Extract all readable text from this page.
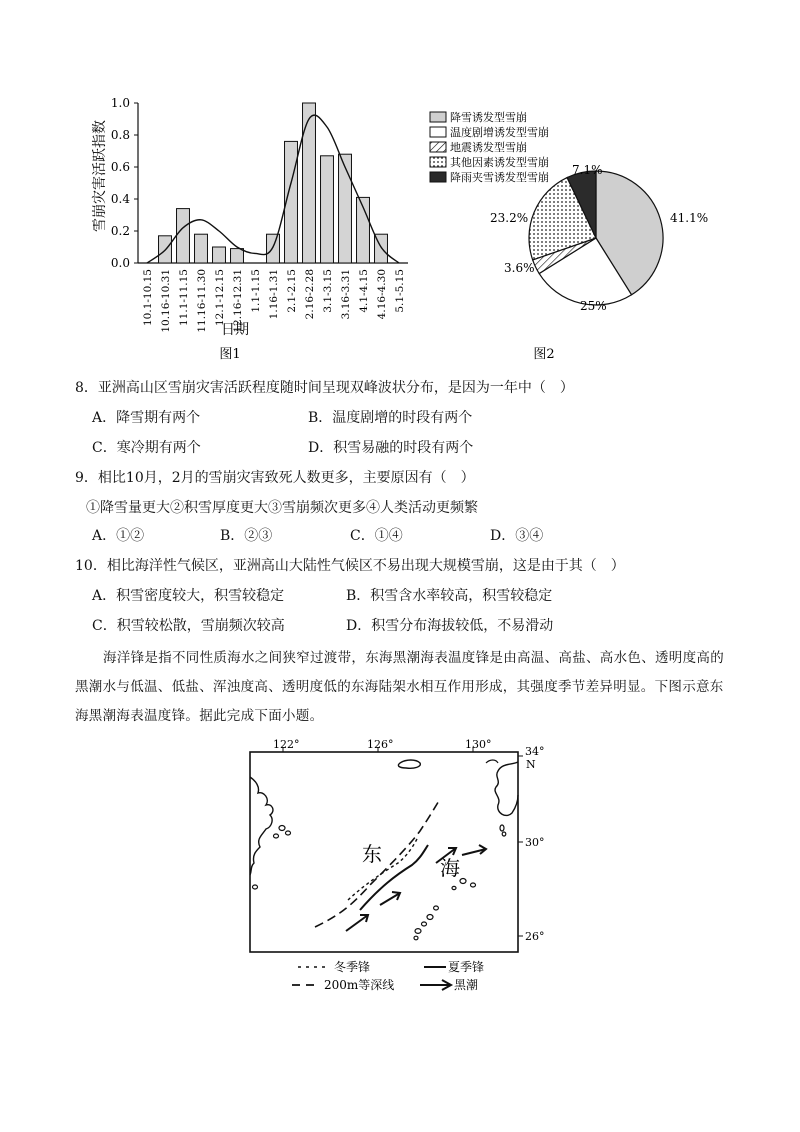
0.0
0.2
0.4
0.6
0.8
1.0
10.1-10.15 10.16-10.31 11.1-11.15 11.16-11.30 12.1-12.15 12.16-12.31 1.1-1.15 1.16-1.31 2.1-2.15 2.16-2.28 3.1-3.15 3.16-3.31 4.1-4.15 4.16-4.30 5.1-5.15
雪崩灾害活跃指数
日期
图1
降雪诱发型雪崩
温度剧增诱发型雪崩
地震诱发型雪崩
其他因素诱发型雪崩
降雨夹雪诱发型雪崩
41.1%
25%
3.6%
23.2%
7.1%
图2
8．亚洲高山区雪崩灾害活跃程度随时间呈现双峰波状分布，是因为一年中（　）
A．降雪期有两个	B．温度剧增的时段有两个
C．寒冷期有两个	D．积雪易融的时段有两个
9．相比10月，2月的雪崩灾害致死人数更多，主要原因有（　）
①降雪量更大②积雪厚度更大③雪崩频次更多④人类活动更频繁
A．①②	B．②③	C．①④	D．③④
10．相比海洋性气候区，亚洲高山大陆性气候区不易出现大规模雪崩，这是由于其（　）
A．积雪密度较大，积雪较稳定	B．积雪含水率较高，积雪较稳定
C．积雪较松散，雪崩频次较高	D．积雪分布海拔较低，不易滑动
海洋锋是指不同性质海水之间狭窄过渡带，东海黑潮海表温度锋是由高温、高盐、高水色、透明度高的黑潮水与低温、低盐、浑浊度高、透明度低的东海陆架水相互作用形成，其强度季节差异明显。下图示意东海黑潮海表温度锋。据此完成下面小题。
122°	126°	130°
34°
N
30°
26°
东
海
冬季锋	夏季锋
200m等深线	黑潮
